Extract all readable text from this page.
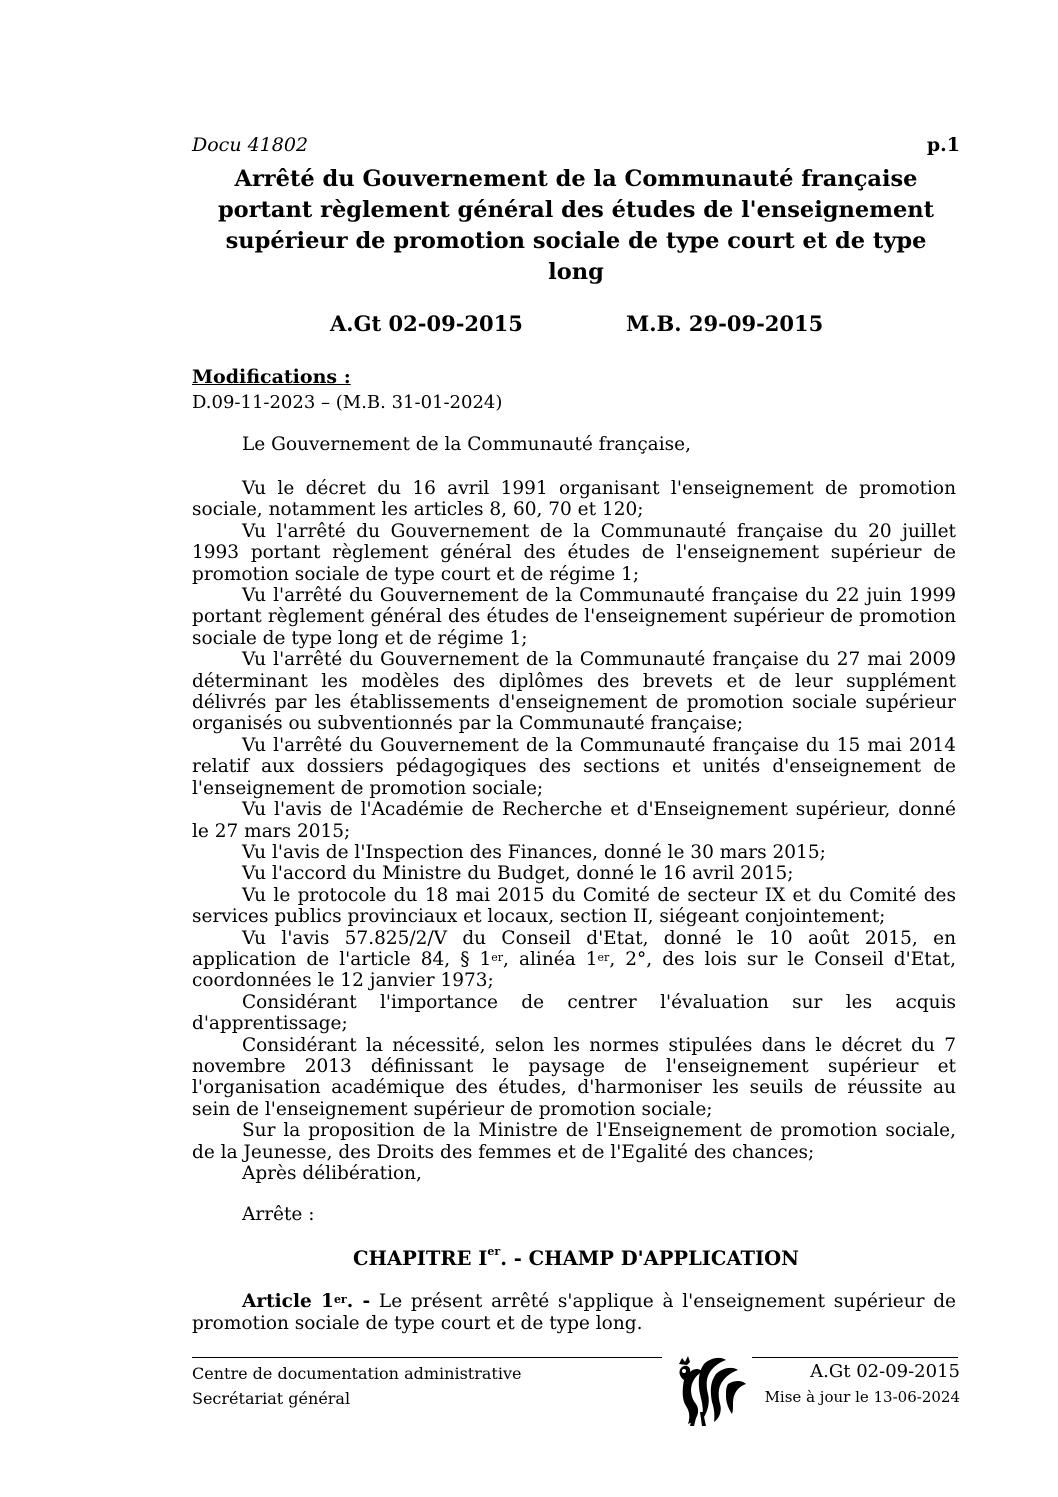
Docu 41802	p.1
Arrêté du Gouvernement de la Communauté française
portant règlement général des études de l'enseignement
supérieur de promotion sociale de type court et de type
long
A.Gt 02-09-2015	M.B. 29-09-2015
Modifications :
D.09-11-2023 – (M.B. 31-01-2024)
Le Gouvernement de la Communauté française,

Vu le décret du 16 avril 1991 organisant l'enseignement de promotion sociale, notamment les articles 8, 60, 70 et 120;

Vu l'arrêté du Gouvernement de la Communauté française du 20 juillet 1993 portant règlement général des études de l'enseignement supérieur de promotion sociale de type court et de régime 1;

Vu l'arrêté du Gouvernement de la Communauté française du 22 juin 1999 portant règlement général des études de l'enseignement supérieur de promotion sociale de type long et de régime 1;

Vu l'arrêté du Gouvernement de la Communauté française du 27 mai 2009 déterminant les modèles des diplômes des brevets et de leur supplément délivrés par les établissements d'enseignement de promotion sociale supérieur organisés ou subventionnés par la Communauté française;

Vu l'arrêté du Gouvernement de la Communauté française du 15 mai 2014 relatif aux dossiers pédagogiques des sections et unités d'enseignement de l'enseignement de promotion sociale;

Vu l'avis de l'Académie de Recherche et d'Enseignement supérieur, donné le 27 mars 2015;

Vu l'avis de l'Inspection des Finances, donné le 30 mars 2015;

Vu l'accord du Ministre du Budget, donné le 16 avril 2015;

Vu le protocole du 18 mai 2015 du Comité de secteur IX et du Comité des services publics provinciaux et locaux, section II, siégeant conjointement;

Vu l'avis 57.825/2/V du Conseil d'Etat, donné le 10 août 2015, en application de l'article 84, § 1er, alinéa 1er, 2°, des lois sur le Conseil d'Etat, coordonnées le 12 janvier 1973;

Considérant l'importance de centrer l'évaluation sur les acquis d'apprentissage;

Considérant la nécessité, selon les normes stipulées dans le décret du 7 novembre 2013 définissant le paysage de l'enseignement supérieur et l'organisation académique des études, d'harmoniser les seuils de réussite au sein de l'enseignement supérieur de promotion sociale;

Sur la proposition de la Ministre de l'Enseignement de promotion sociale, de la Jeunesse, des Droits des femmes et de l'Egalité des chances;

Après délibération,

Arrête :
CHAPITRE Ier. - CHAMP D'APPLICATION
Article 1er. - Le présent arrêté s'applique à l'enseignement supérieur de promotion sociale de type court et de type long.
Centre de documentation administrative
Secrétariat général
A.Gt 02-09-2015
Mise à jour le 13-06-2024
